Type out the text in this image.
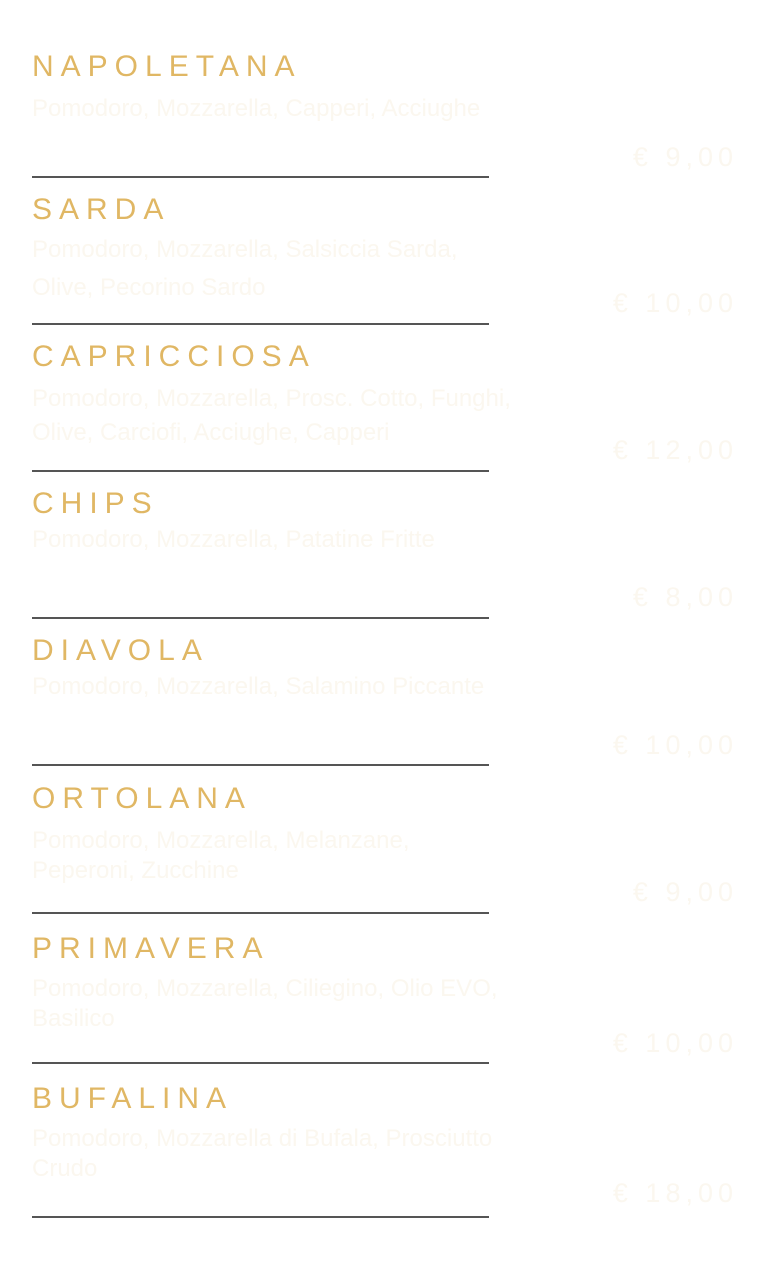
NAPOLETANA
Pomodoro, Mozzarella, Capperi, Acciughe
€ 9,00
SARDA
Pomodoro, Mozzarella, Salsiccia Sarda, Olive, Pecorino Sardo
€ 10,00
CAPRICCIOSA
Pomodoro, Mozzarella, Prosc. Cotto, Funghi, Olive, Carciofi, Acciughe, Capperi
€ 12,00
CHIPS
Pomodoro, Mozzarella, Patatine Fritte
€ 8,00
DIAVOLA
Pomodoro, Mozzarella, Salamino Piccante
€ 10,00
ORTOLANA
Pomodoro, Mozzarella, Melanzane, Peperoni, Zucchine
€ 9,00
PRIMAVERA
Pomodoro, Mozzarella, Ciliegino, Olio EVO, Basilico
€ 10,00
BUFALINA
Pomodoro, Mozzarella di Bufala, Prosciutto Crudo
€ 18,00
